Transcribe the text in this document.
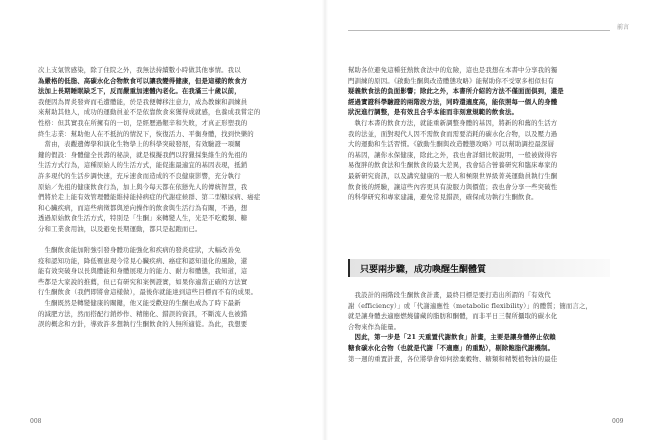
次上支氣管感染，除了住院之外，我無法持續數小時做其他事情。我以
為嚴格的低脂、高碳水化合物飲食可以讓我變得健康，但是這樣的飲食方
法加上長期睡眠缺乏下，反而嚴重加速體內老化。在我滿三十歲以前，
我便因為胃炎發齊而毛遭體能，於是我便轉移注意力，成為教練和訓練員
來幫助其他人，成功的運動員並不是依靠飲食來獲得成就感，也養成我嘗定的
性格：但其實我在所擁有的一切，是經歷過艱辛和失敗，才真正形塑我的
終生志業：幫助他人在不抵抗的情況下，恢復活力、平衡身體，找到快樂的
　當由，表觀遺傳學和演化生物學上的科學突破發展，有效驗證一項關
鍵的假設：身體健全長壽的秘訣，就是模擬我們以狩獵採集維生的先祖的
生活方式行為，這種原始人的生活方式，能促進最適宜的基因表現，抵銷
許多現代的生活步調快速，充斥速食而造成的不良健康影響，充分執行
原始／先祖的健康飲食行為，加上與今每天都在依戀先人的傳統智慧，我
們將於走上能有效管理體能維持能持病症的代謝症候群、第二型糖尿病、癌症
和心臟疾病，而這些病徵都與逆向操作的飲食與生活行為有關，不過，想
透過原始飲食生活方式，特別是「生酮」來轉變人生，光是不吃穀類、糖
分和工業食用油，以及避免長期運動，都只是起跑而已。
　生酮飲食能加附強引發身體功能強化和疾病的發炎症狀，大幅改善免
疫和認知功能，降低罹患現今常見心臟疾病、癌症和認知退化的風險，還
能有效突破身以長與體能和身體展現力的能力、耐力和體態，我知道，這
些都是大家說的推薦，但已有研究和案例證實，如果你適當正確的方法實
行生酮飲食（我們即將會這樣做），最後你就能達到這些目標而不有的成果。
　生酮既然是轉變健康的關鍵，他又能受歡迎的生酮也成為了時下最新
的減肥方法，然而搭配行銷炒作、精簡化、錯誤的資訊，不斷流人也被錯
誤的概念和方針，導致許多想執行生酮飲食的人無所適從。為此，我想要
008
前言
幫助各位避免這種狂熱飲食法中的危險，這也是我想在本書中分享我的獨
門訓練的原因。《啟動生酮與改造體態攻略》能幫助你不受眾多相似但有
疑義飲食法的負面影響；除此之外，本書所介紹的方法不僅面面俱到，還是
經過實證科學驗證的兩階段方法，同時還適度高，能依照每一個人的身體
狀況進行調整，是有效且合乎本能而非刻意規範的飲食法。
　執行本書的飲食方法，就能重新調整身體的基因，將新的和舊的生活方
我的法並，面對現代人因不需飲食而需要消耗的碳水化合物，以及壓力過
大的運動和生活習慣。《啟動生酮與改造體態攻略》可以幫助調控最深層
的基因，讓你永保健康，除此之外，我也會詳細比較說明，一般被做得容
易復胖的飲食法和生酮飲食的最大差異，我會結合營養研究和臨床專家的
最新研究資訊，以及講究健康的一般人和極限世界級菁英運動員執行生酮
飲食後的經驗，讓這些內容更具有說服力與價值；我也會分享一些突破性
的科學研究和專家建議，避免常見錯誤，確保成功執行生酮飲食。
只要兩步驟，成功喚醒生酮體質
　我設計的兩階段生酮飲食計畫，最終目標是要打造出所謂的「有效代
謝（efficiency）」或「代謝適應性（metabolic flexibility）」的體質；簡而言之，
就是讓身體去適應燃燒儲藏的脂肪和酮體，而非平日三餐所攝取的碳水化
合物來作為能量。
　因此，第一步是「21 天重置代謝飲食」計畫，主要是讓身體停止依賴
糖食碳水化合物（也就是代謝「不適應」的重點），剔除飽脂代謝機制。
第一週的重置計畫，各位將學會如何捨棄穀物、糖類和精製植物油的最佳
009
